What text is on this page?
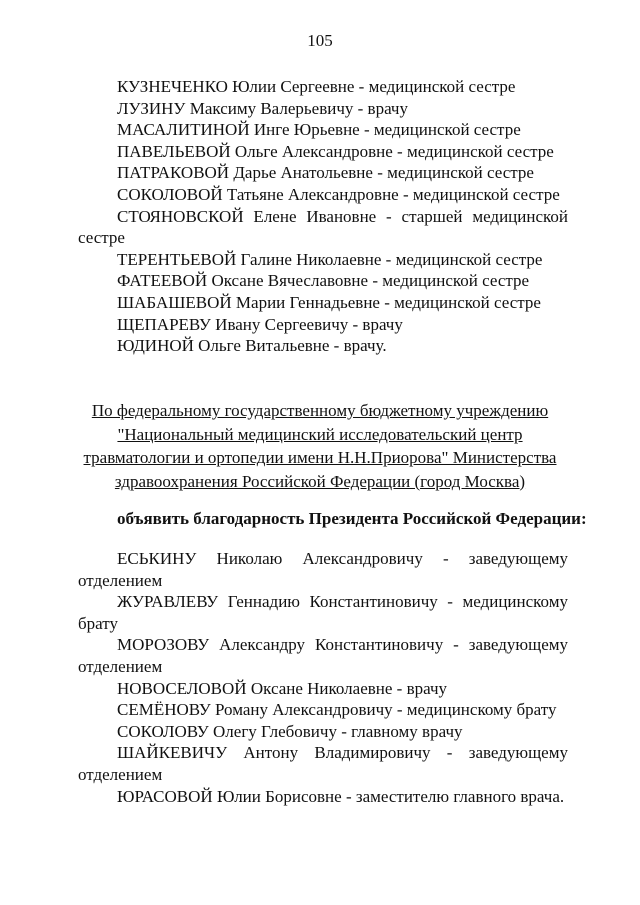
105
КУЗНЕЧЕНКО Юлии Сергеевне - медицинской сестре
ЛУЗИНУ Максиму Валерьевичу - врачу
МАСАЛИТИНОЙ Инге Юрьевне - медицинской сестре
ПАВЕЛЬЕВОЙ Ольге Александровне - медицинской сестре
ПАТРАКОВОЙ Дарье Анатольевне - медицинской сестре
СОКОЛОВОЙ Татьяне Александровне - медицинской сестре
СТОЯНОВСКОЙ Елене Ивановне - старшей медицинской
сестре
ТЕРЕНТЬЕВОЙ Галине Николаевне - медицинской сестре
ФАТЕЕВОЙ Оксане Вячеславовне - медицинской сестре
ШАБАШЕВОЙ Марии Геннадьевне - медицинской сестре
ЩЕПАРЕВУ Ивану Сергеевичу - врачу
ЮДИНОЙ Ольге Витальевне - врачу.
По федеральному государственному бюджетному учреждению
"Национальный медицинский исследовательский центр
травматологии и ортопедии имени Н.Н.Приорова" Министерства
здравоохранения Российской Федерации (город Москва)
объявить благодарность Президента Российской Федерации:
ЕСЬКИНУ Николаю Александровичу - заведующему
отделением
ЖУРАВЛЕВУ Геннадию Константиновичу - медицинскому
брату
МОРОЗОВУ Александру Константиновичу - заведующему
отделением
НОВОСЕЛОВОЙ Оксане Николаевне - врачу
СЕМЁНОВУ Роману Александровичу - медицинскому брату
СОКОЛОВУ Олегу Глебовичу - главному врачу
ШАЙКЕВИЧУ Антону Владимировичу - заведующему
отделением
ЮРАСОВОЙ Юлии Борисовне - заместителю главного врача.
